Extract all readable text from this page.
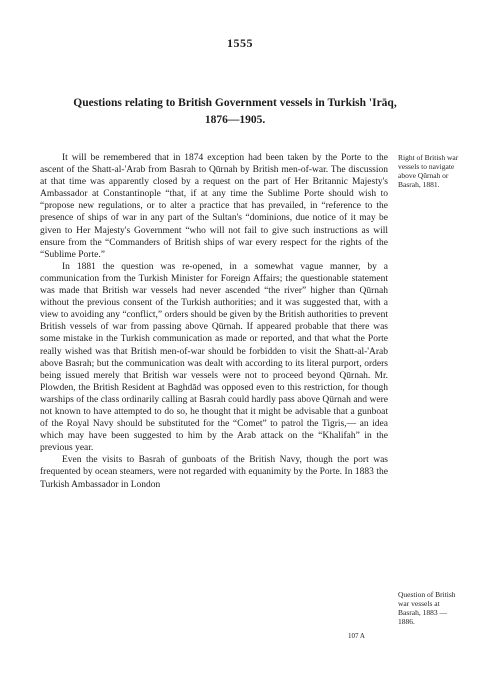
1555
Questions relating to British Government vessels in Turkish 'Irāq,
1876—1905.

It will be remembered that in 1874 exception had been taken by the Porte to the ascent of the Shatt-al-'Arab from Basrah to Qūrnah by British men-of-war. The discussion at that time was apparently closed by a request on the part of Her Britannic Majesty's Ambassador at Constantinople “that, if at any time the Sublime Porte should wish to “propose new regulations, or to alter a practice that has prevailed, in “reference to the presence of ships of war in any part of the Sultan's “dominions, due notice of it may be given to Her Majesty's Government “who will not fail to give such instructions as will ensure from the “Commanders of British ships of war every respect for the rights of the “Sublime Porte.”

In 1881 the question was re-opened, in a somewhat vague manner, by a communication from the Turkish Minister for Foreign Affairs; the questionable statement was made that British war vessels had never ascended “the river” higher than Qūrnah without the previous consent of the Turkish authorities; and it was suggested that, with a view to avoiding any “conflict,” orders should be given by the British authorities to prevent British vessels of war from passing above Qūrnah. If appeared probable that there was some mistake in the Turkish communication as made or reported, and that what the Porte really wished was that British men-of-war should be forbidden to visit the Shatt-al-'Arab above Basrah; but the communication was dealt with according to its literal purport, orders being issued merely that British war vessels were not to proceed beyond Qūrnah. Mr. Plowden, the British Resident at Baghdād was opposed even to this restriction, for though warships of the class ordinarily calling at Basrah could hardly pass above Qūrnah and were not known to have attempted to do so, he thought that it might be advisable that a gunboat of the Royal Navy should be substituted for the “Comet” to patrol the Tigris,— an idea which may have been suggested to him by the Arab attack on the “Khalifah” in the previous year.

Even the visits to Basrah of gunboats of the British Navy, though the port was frequented by ocean steamers, were not regarded with equanimity by the Porte. In 1883 the Turkish Ambassador in London

Right of British war vessels to navigate above Qūrnah or Basrah, 1881.
Question of British war vessels at Basrah, 1883 —1886.
107 A
